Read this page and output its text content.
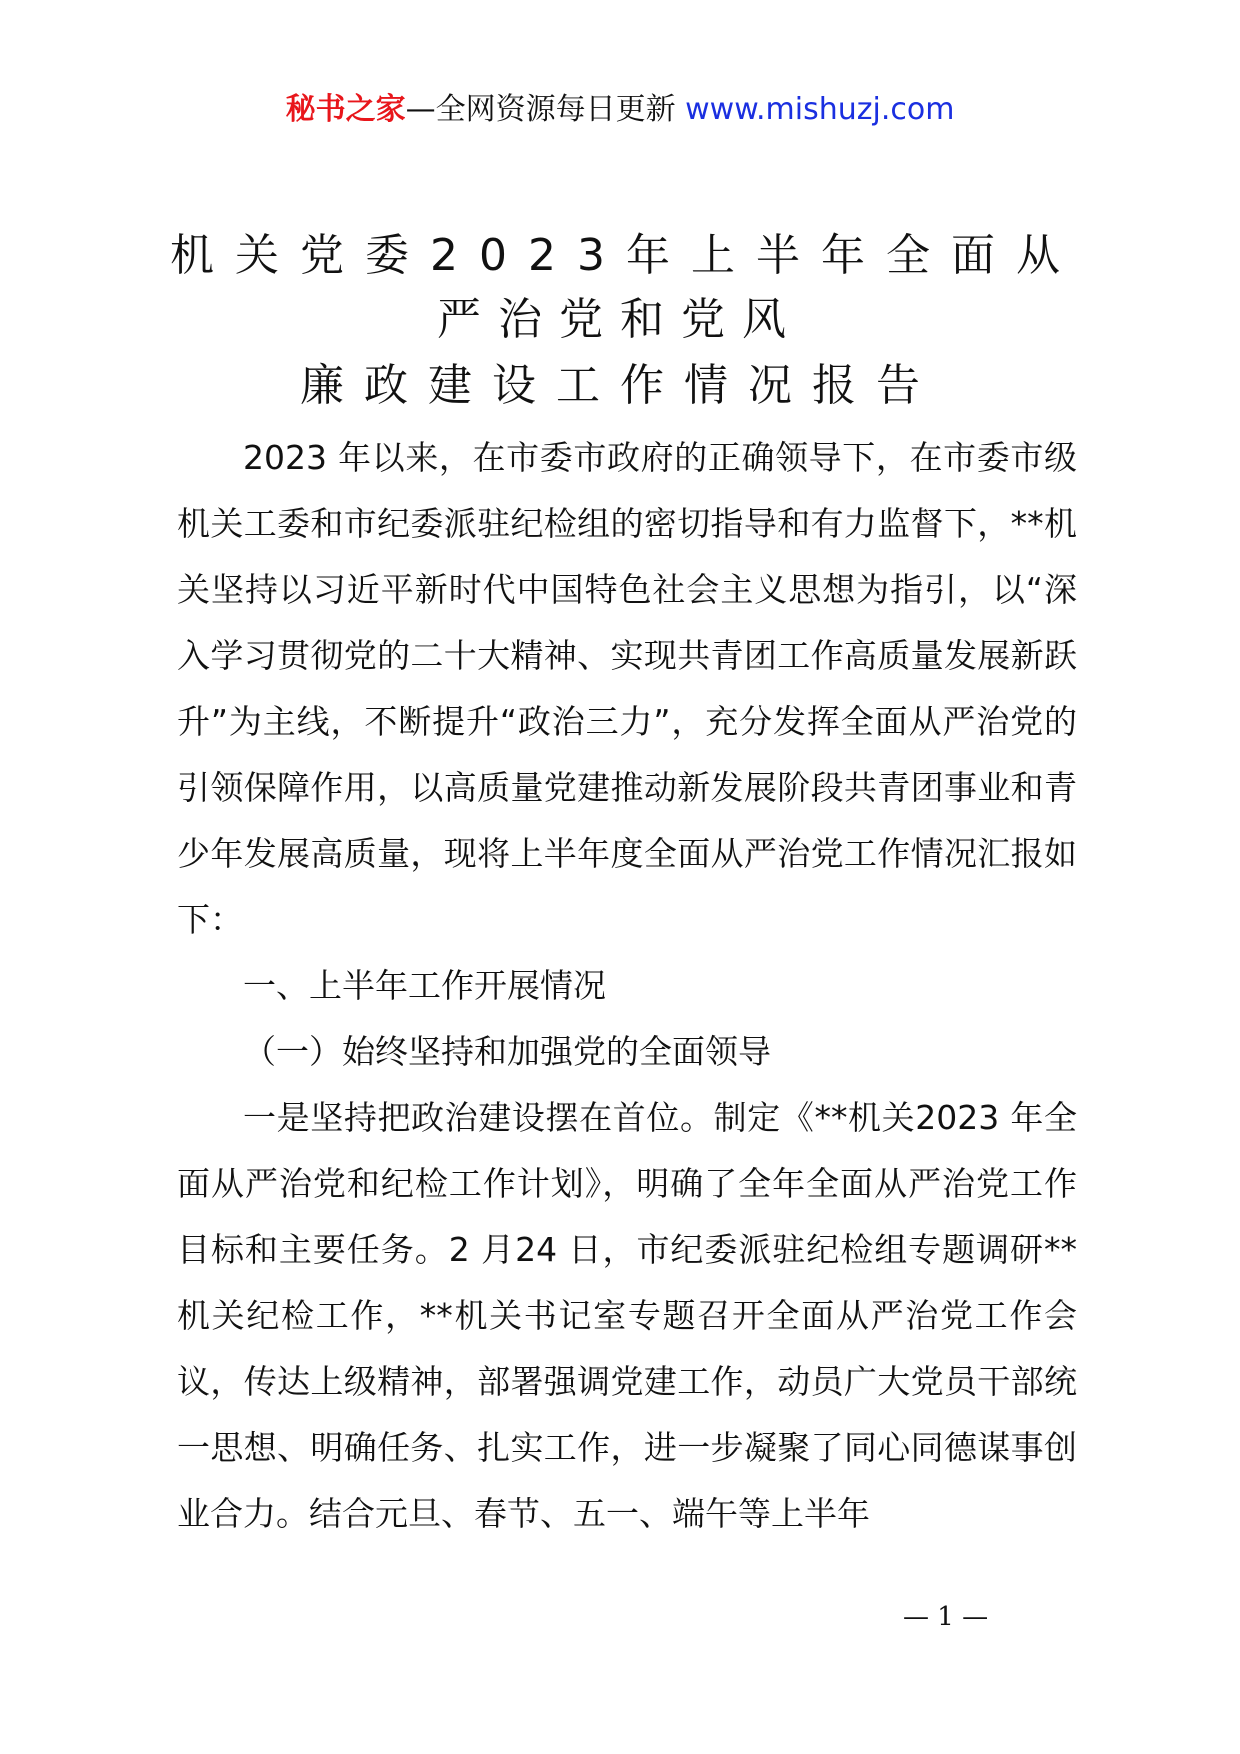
秘书之家—全网资源每日更新 www.mishuzj.com
机关党委2023年上半年全面从
严治党和党风
廉政建设工作情况报告

2023 年以来，在市委市政府的正确领导下，在市委市级机关工委和市纪委派驻纪检组的密切指导和有力监督下，**机关坚持以习近平新时代中国特色社会主义思想为指引，以“深入学习贯彻党的二十大精神、实现共青团工作高质量发展新跃升”为主线，不断提升“政治三力”，充分发挥全面从严治党的引领保障作用，以高质量党建推动新发展阶段共青团事业和青少年发展高质量，现将上半年度全面从严治党工作情况汇报如下：

一、上半年工作开展情况

（一）始终坚持和加强党的全面领导

一是坚持把政治建设摆在首位。制定《**机关2023 年全面从严治党和纪检工作计划》，明确了全年全面从严治党工作目标和主要任务。2 月24 日，市纪委派驻纪检组专题调研**机关纪检工作，**机关书记室专题召开全面从严治党工作会议，传达上级精神，部署强调党建工作，动员广大党员干部统一思想、明确任务、扎实工作，进一步凝聚了同心同德谋事创业合力。结合元旦、春节、五一、端午等上半年

— 1 —
